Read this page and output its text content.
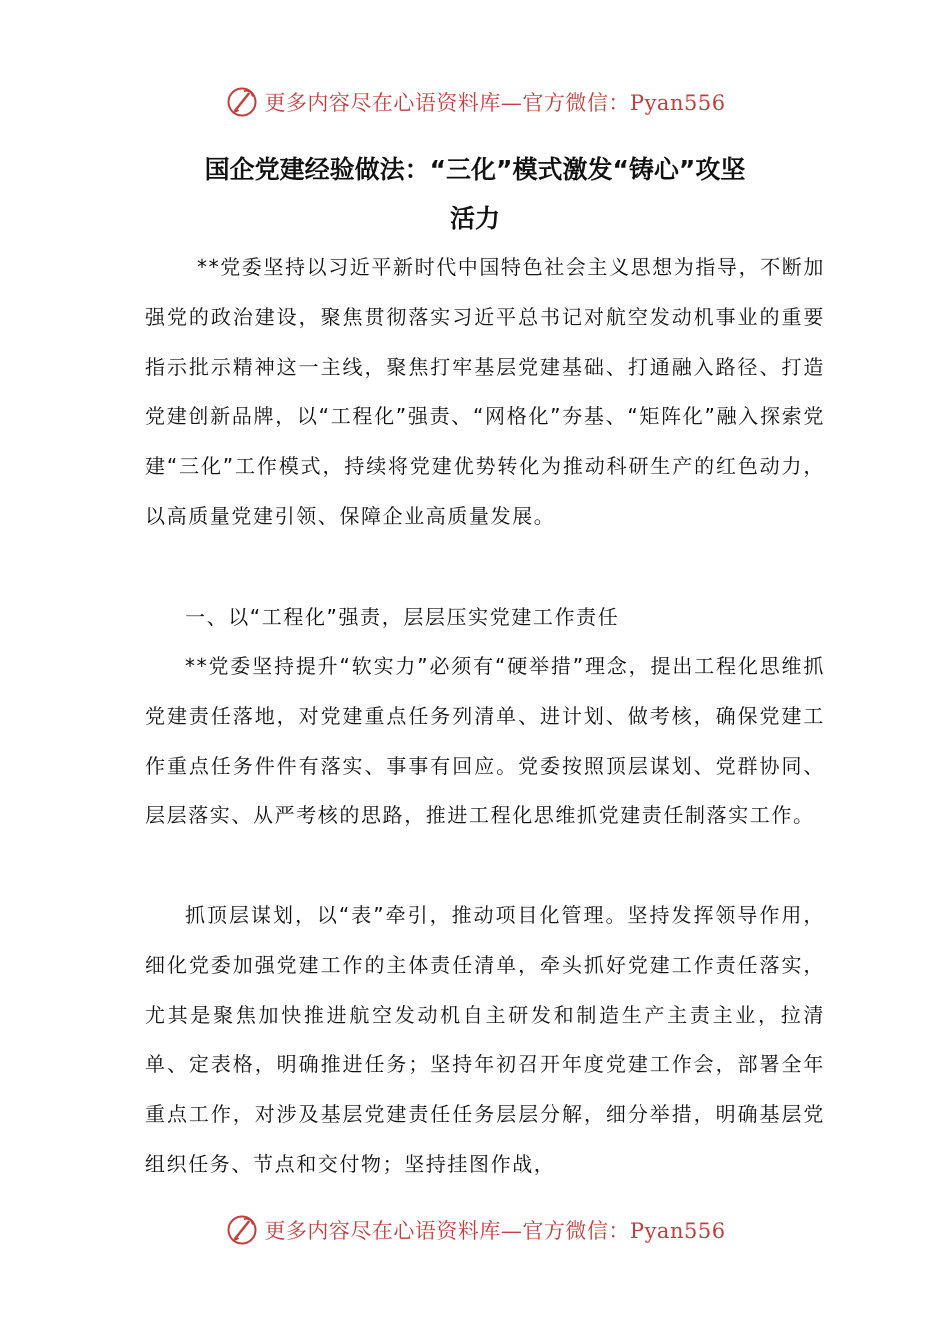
更多内容尽在心语资料库—官方微信：Pyan556
国企党建经验做法：“三化”模式激发“铸心”攻坚
活力
**党委坚持以习近平新时代中国特色社会主义思想为指导，不断加强党的政治建设，聚焦贯彻落实习近平总书记对航空发动机事业的重要指示批示精神这一主线，聚焦打牢基层党建基础、打通融入路径、打造党建创新品牌，以“工程化”强责、“网格化”夯基、“矩阵化”融入探索党建“三化”工作模式，持续将党建优势转化为推动科研生产的红色动力，以高质量党建引领、保障企业高质量发展。
一、以“工程化”强责，层层压实党建工作责任
**党委坚持提升“软实力”必须有“硬举措”理念，提出工程化思维抓党建责任落地，对党建重点任务列清单、进计划、做考核，确保党建工作重点任务件件有落实、事事有回应。党委按照顶层谋划、党群协同、层层落实、从严考核的思路，推进工程化思维抓党建责任制落实工作。
抓顶层谋划，以“表”牵引，推动项目化管理。坚持发挥领导作用，细化党委加强党建工作的主体责任清单，牵头抓好党建工作责任落实，尤其是聚焦加快推进航空发动机自主研发和制造生产主责主业，拉清单、定表格，明确推进任务；坚持年初召开年度党建工作会，部署全年重点工作，对涉及基层党建责任任务层层分解，细分举措，明确基层党组织任务、节点和交付物；坚持挂图作战，
更多内容尽在心语资料库—官方微信：Pyan556
